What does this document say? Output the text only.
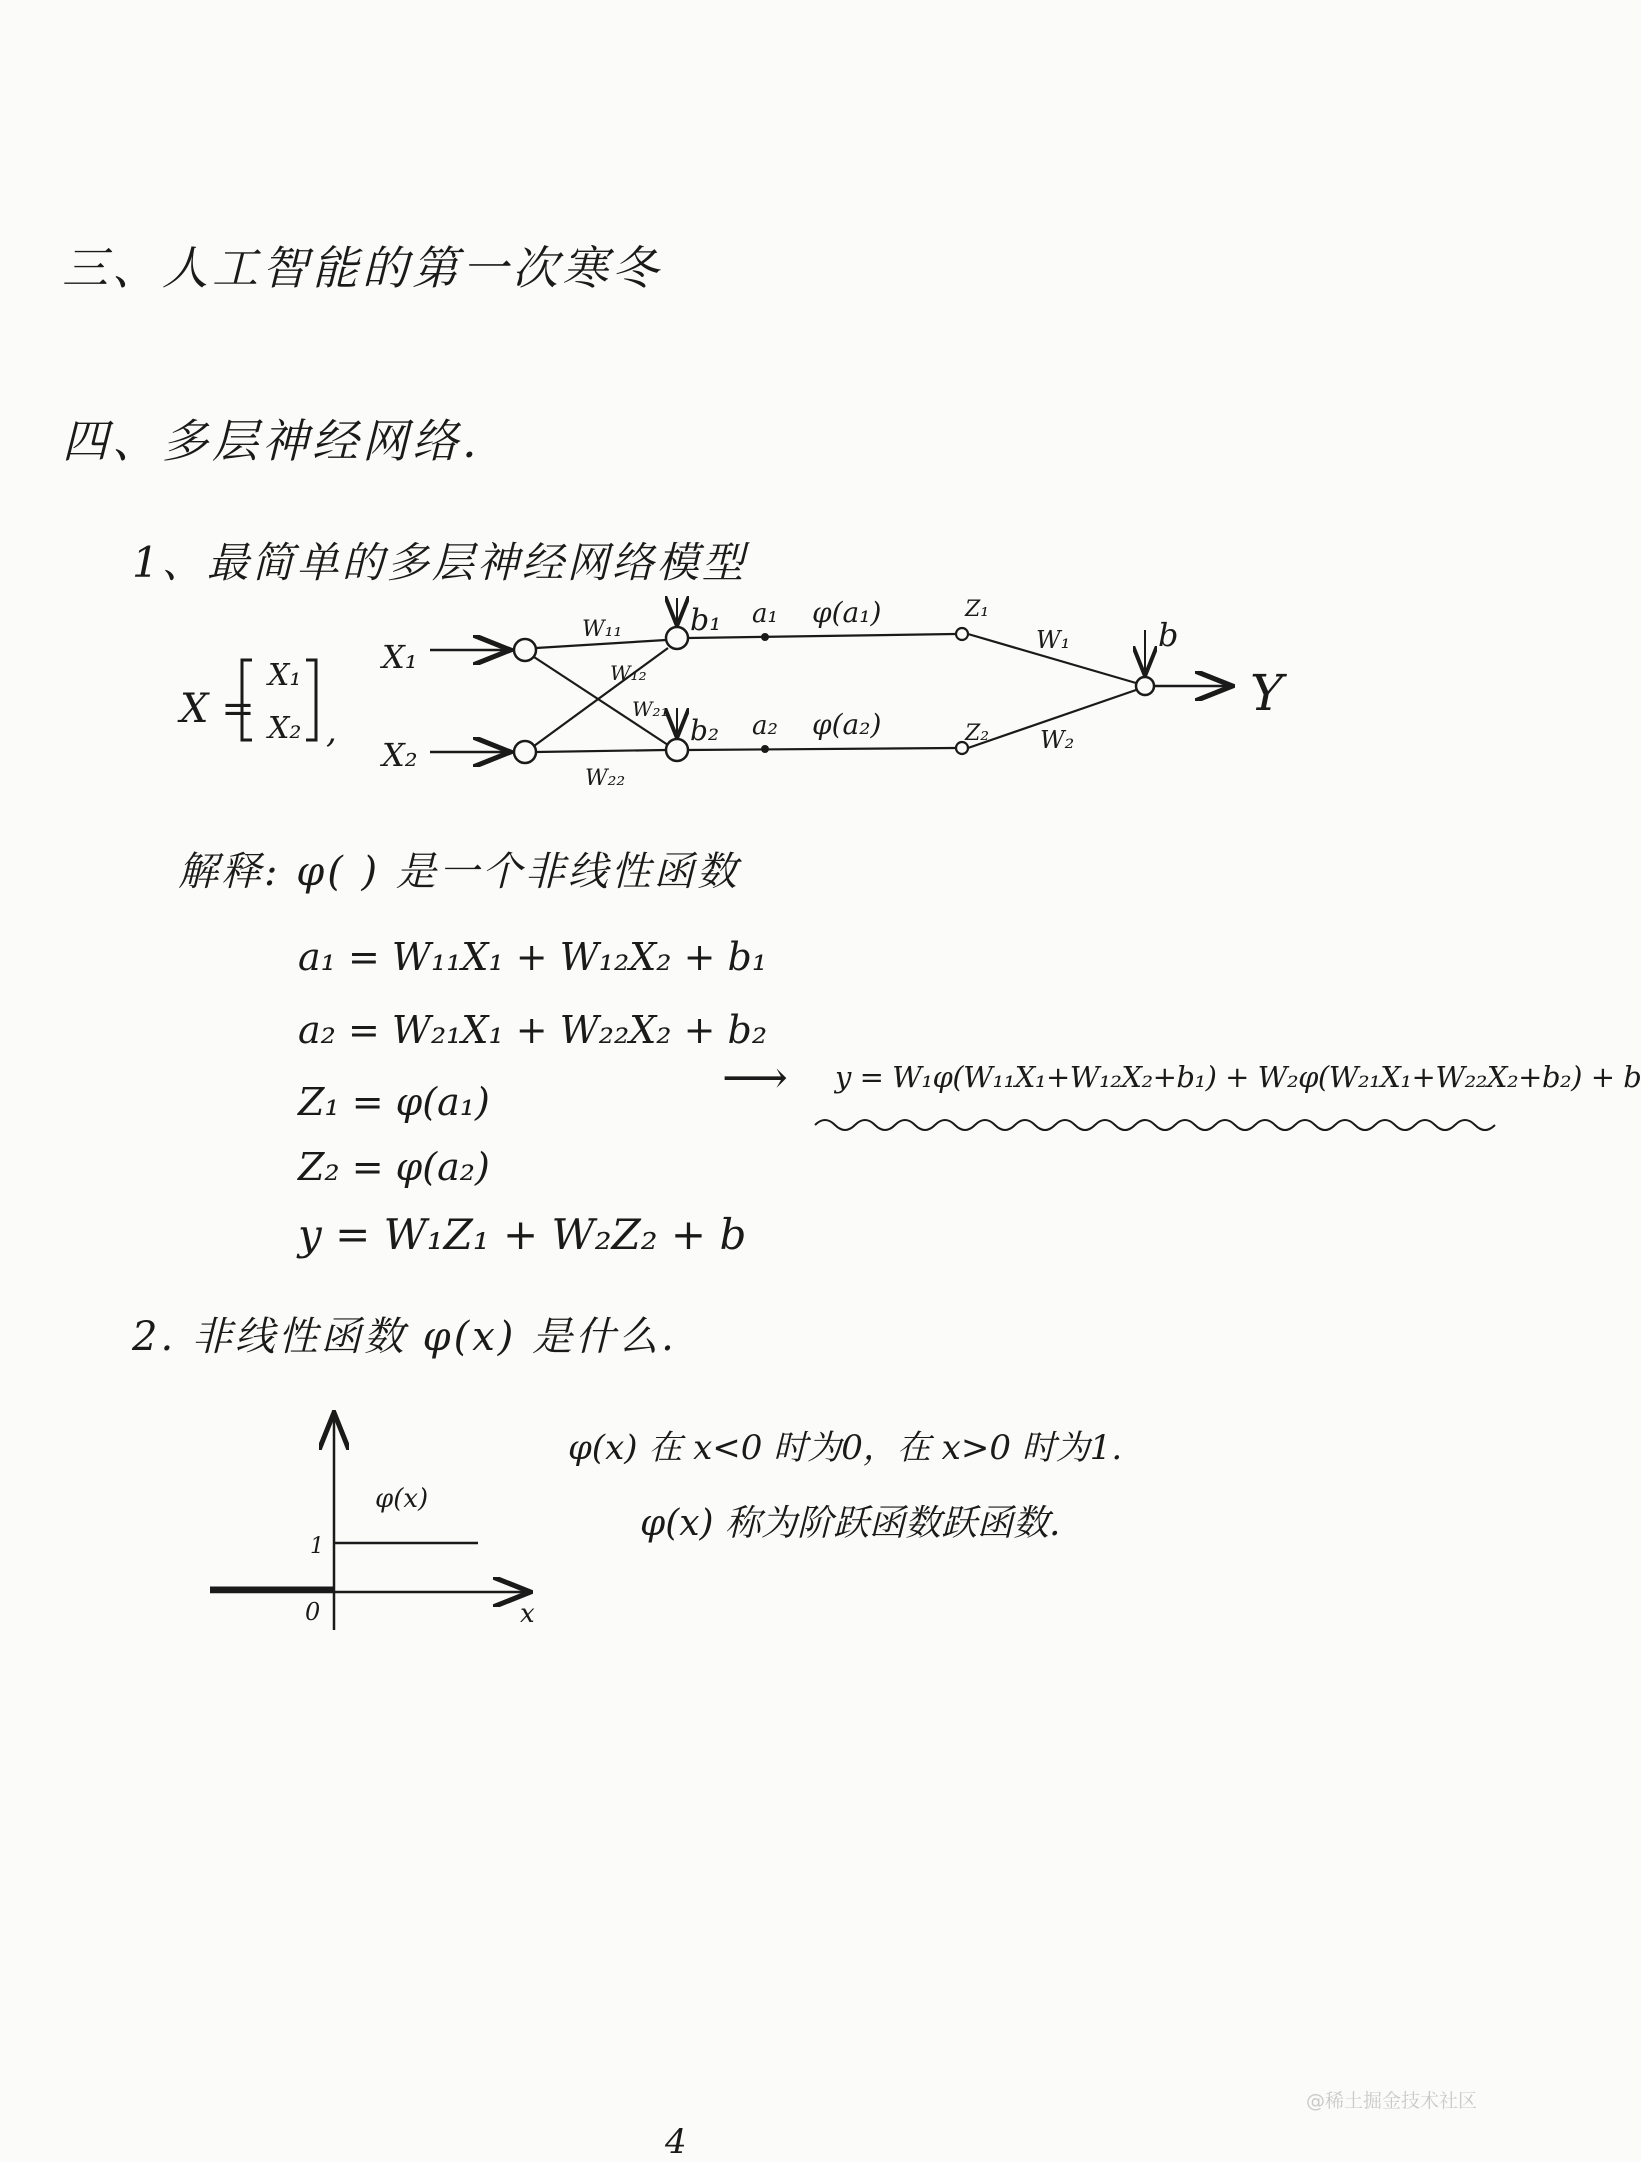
三、人工智能的第一次寒冬
四、多层神经网络.
1、最简单的多层神经网络模型
X =
X₁
X₂ ,
X₁
X₂
W₁₁
W₁₂
W₂₁
W₂₂
b₁
b₂
a₁ φ(a₁)
a₂ φ(a₂)
Z₁
Z₂
W₁
W₂
b
Y
φ(x)
1
0	x
解释: φ( ) 是一个非线性函数
a₁ = W₁₁X₁ + W₁₂X₂ + b₁
a₂ = W₂₁X₁ + W₂₂X₂ + b₂
Z₁ = φ(a₁)
Z₂ = φ(a₂)
y = W₁Z₁ + W₂Z₂ + b
⟶ y = W₁φ(W₁₁X₁+W₁₂X₂+b₁) + W₂φ(W₂₁X₁+W₂₂X₂+b₂) + b
2. 非线性函数 φ(x) 是什么.
φ(x) 在 x<0 时为0，在 x>0 时为1.
φ(x) 称为阶跃函数跃函数.
4
@稀土掘金技术社区
